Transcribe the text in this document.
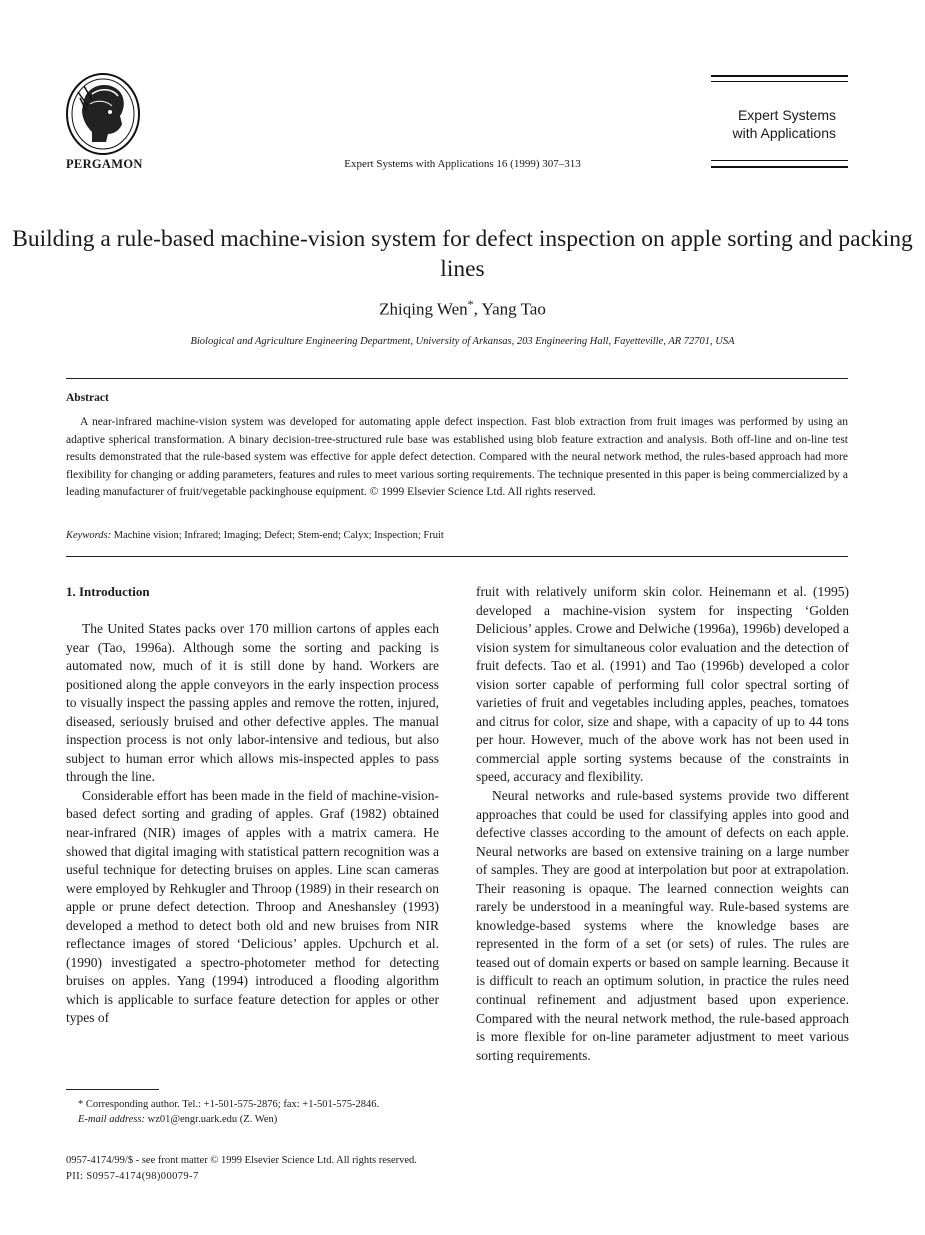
PERGAMON	Expert Systems with Applications 16 (1999) 307–313
Expert Systems
with Applications
Building a rule-based machine-vision system for defect inspection on apple sorting and packing lines
Zhiqing Wen*, Yang Tao
Biological and Agriculture Engineering Department, University of Arkansas, 203 Engineering Hall, Fayetteville, AR 72701, USA
Abstract

A near-infrared machine-vision system was developed for automating apple defect inspection. Fast blob extraction from fruit images was performed by using an adaptive spherical transformation. A binary decision-tree-structured rule base was established using blob feature extraction and analysis. Both off-line and on-line test results demonstrated that the rule-based system was effective for apple defect detection. Compared with the neural network method, the rules-based approach had more flexibility for changing or adding parameters, features and rules to meet various sorting requirements. The technique presented in this paper is being commercialized by a leading manufacturer of fruit/vegetable packinghouse equipment. © 1999 Elsevier Science Ltd. All rights reserved.

Keywords: Machine vision; Infrared; Imaging; Defect; Stem-end; Calyx; Inspection; Fruit
1. Introduction

The United States packs over 170 million cartons of apples each year (Tao, 1996a). Although some the sorting and packing is automated now, much of it is still done by hand. Workers are positioned along the apple conveyors in the early inspection process to visually inspect the passing apples and remove the rotten, injured, diseased, seriously bruised and other defective apples. The manual inspection process is not only labor-intensive and tedious, but also subject to human error which allows mis-inspected apples to pass through the line.

Considerable effort has been made in the field of machine-vision-based defect sorting and grading of apples. Graf (1982) obtained near-infrared (NIR) images of apples with a matrix camera. He showed that digital imaging with statistical pattern recognition was a useful technique for detecting bruises on apples. Line scan cameras were employed by Rehkugler and Throop (1989) in their research on apple or prune defect detection. Throop and Aneshansley (1993) developed a method to detect both old and new bruises from NIR reflectance images of stored ‘Delicious’ apples. Upchurch et al. (1990) investigated a spectro-photometer method for detecting bruises on apples. Yang (1994) introduced a flooding algorithm which is applicable to surface feature detection for apples or other types of

fruit with relatively uniform skin color. Heinemann et al. (1995) developed a machine-vision system for inspecting ‘Golden Delicious’ apples. Crowe and Delwiche (1996a), 1996b) developed a vision system for simultaneous color evaluation and the detection of fruit defects. Tao et al. (1991) and Tao (1996b) developed a color vision sorter capable of performing full color spectral sorting of varieties of fruit and vegetables including apples, peaches, tomatoes and citrus for color, size and shape, with a capacity of up to 44 tons per hour. However, much of the above work has not been used in commercial apple sorting systems because of the constraints in speed, accuracy and flexibility.

Neural networks and rule-based systems provide two different approaches that could be used for classifying apples into good and defective classes according to the amount of defects on each apple. Neural networks are based on extensive training on a large number of samples. They are good at interpolation but poor at extrapolation. Their reasoning is opaque. The learned connection weights can rarely be understood in a meaningful way. Rule-based systems are knowledge-based systems where the knowledge bases are represented in the form of a set (or sets) of rules. The rules are teased out of domain experts or based on sample learning. Because it is difficult to reach an optimum solution, in practice the rules need continual refinement and adjustment based upon experience. Compared with the neural network method, the rule-based approach is more flexible for on-line parameter adjustment to meet various sorting requirements.

* Corresponding author. Tel.: +1-501-575-2876; fax: +1-501-575-2846.

E-mail address: wz01@engr.uark.edu (Z. Wen)

0957-4174/99/$ - see front matter © 1999 Elsevier Science Ltd. All rights reserved.
PII: S0957-4174(98)00079-7
